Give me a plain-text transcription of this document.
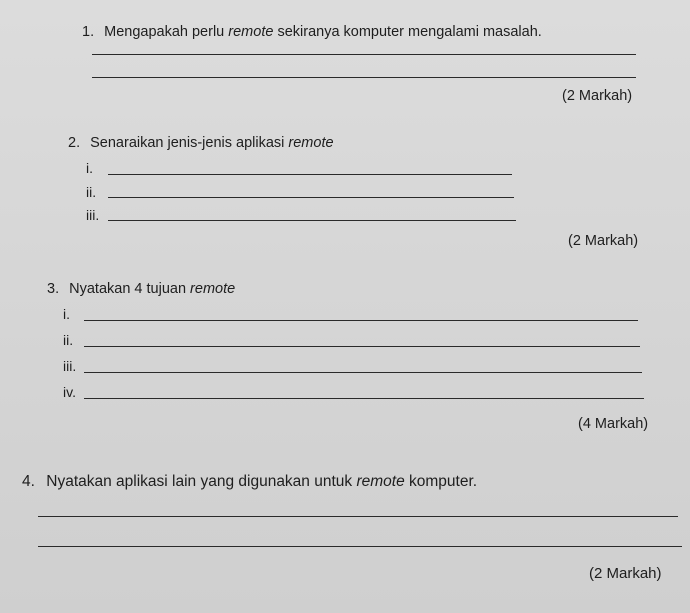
1. Mengapakah perlu remote sekiranya komputer mengalami masalah.
(2 Markah)
2. Senaraikan jenis-jenis aplikasi remote
i.
ii.
iii.
(2 Markah)
3. Nyatakan 4 tujuan remote
i.
ii.
iii.
iv.
(4 Markah)
4. Nyatakan aplikasi lain yang digunakan untuk remote komputer.
(2 Markah)
